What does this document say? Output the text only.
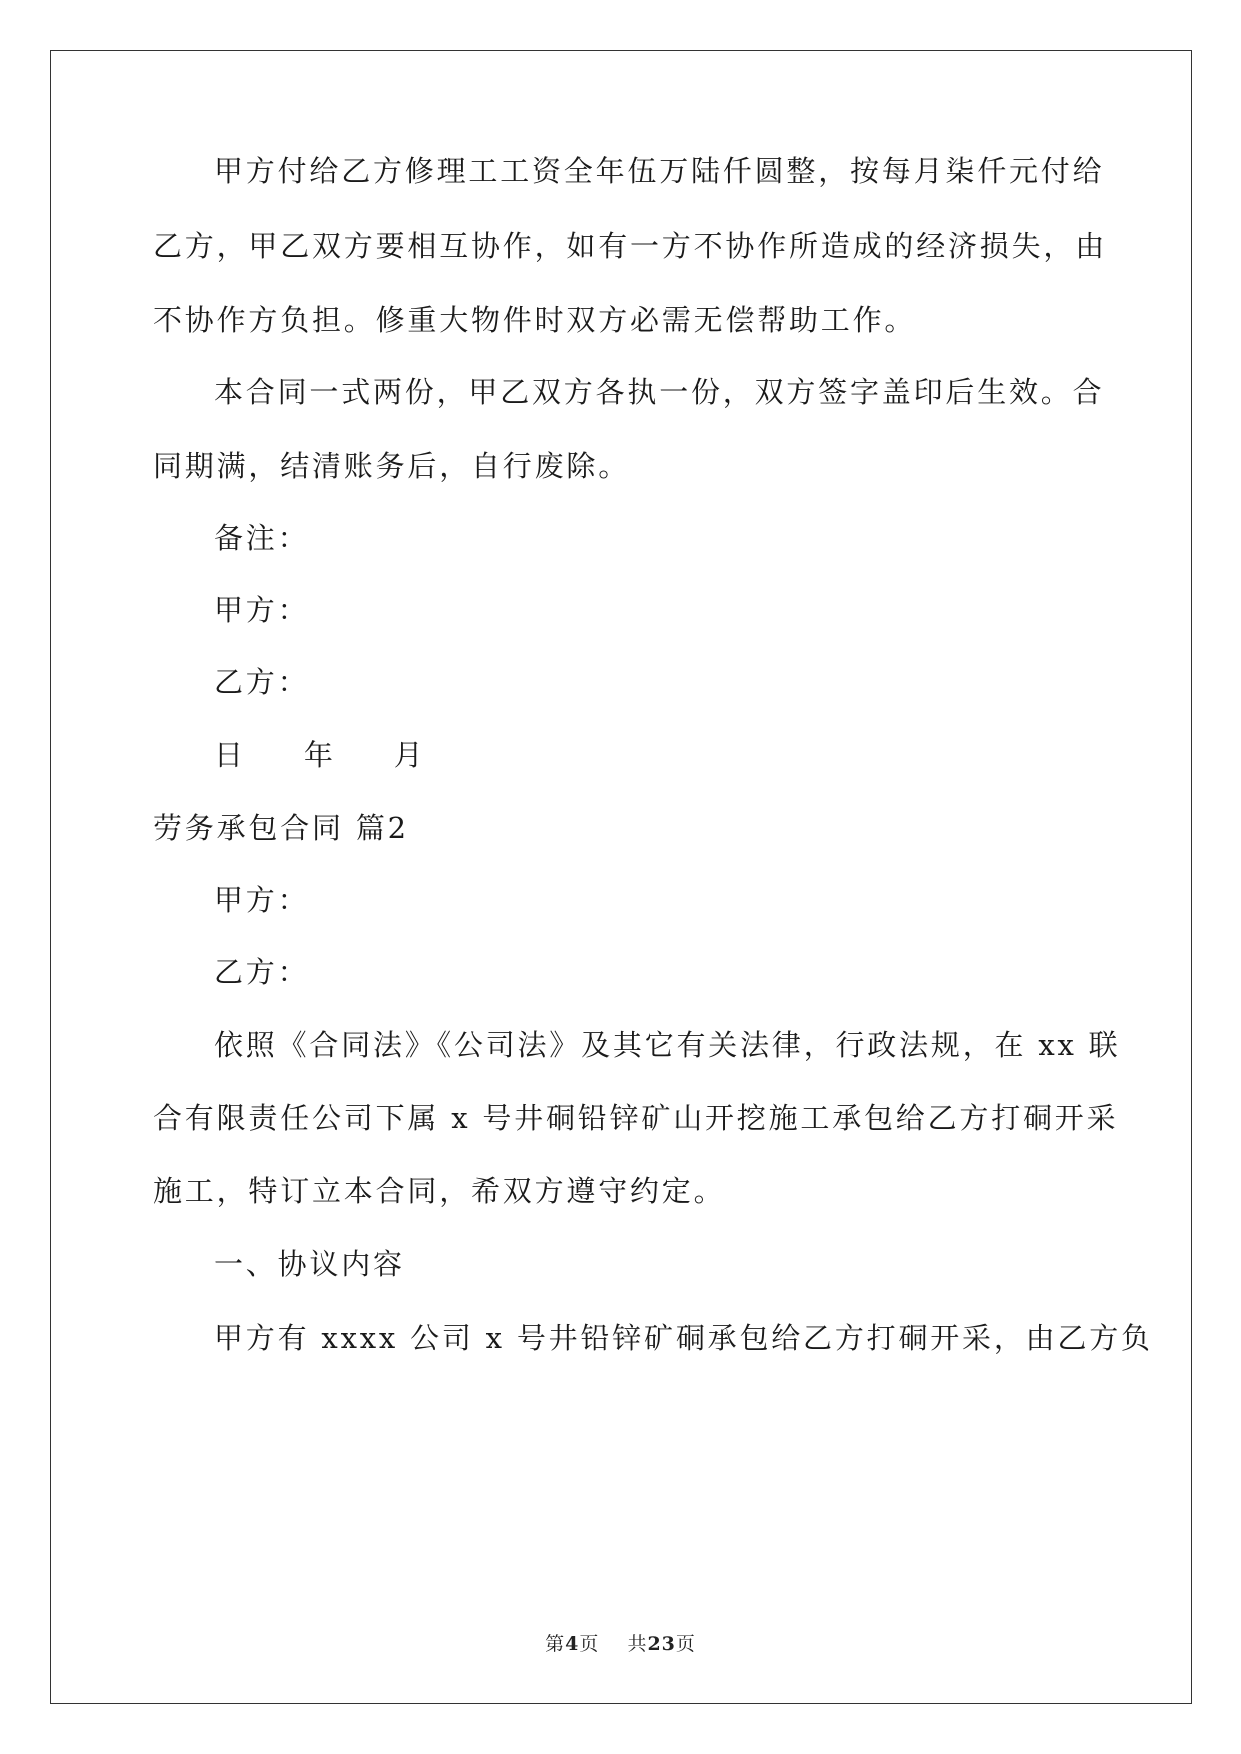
甲方付给乙方修理工工资全年伍万陆仟圆整，按每月柒仟元付给
乙方，甲乙双方要相互协作，如有一方不协作所造成的经济损失，由
不协作方负担。修重大物件时双方必需无偿帮助工作。
本合同一式两份，甲乙双方各执一份，双方签字盖印后生效。合
同期满，结清账务后，自行废除。
备注：
甲方：
乙方：
日 年 月
劳务承包合同 篇2
甲方：
乙方：
依照《合同法》《公司法》及其它有关法律，行政法规，在 xx 联
合有限责任公司下属 x 号井硐铅锌矿山开挖施工承包给乙方打硐开采
施工，特订立本合同，希双方遵守约定。
一、协议内容
甲方有 xxxx 公司 x 号井铅锌矿硐承包给乙方打硐开采，由乙方负
第4页 共23页
